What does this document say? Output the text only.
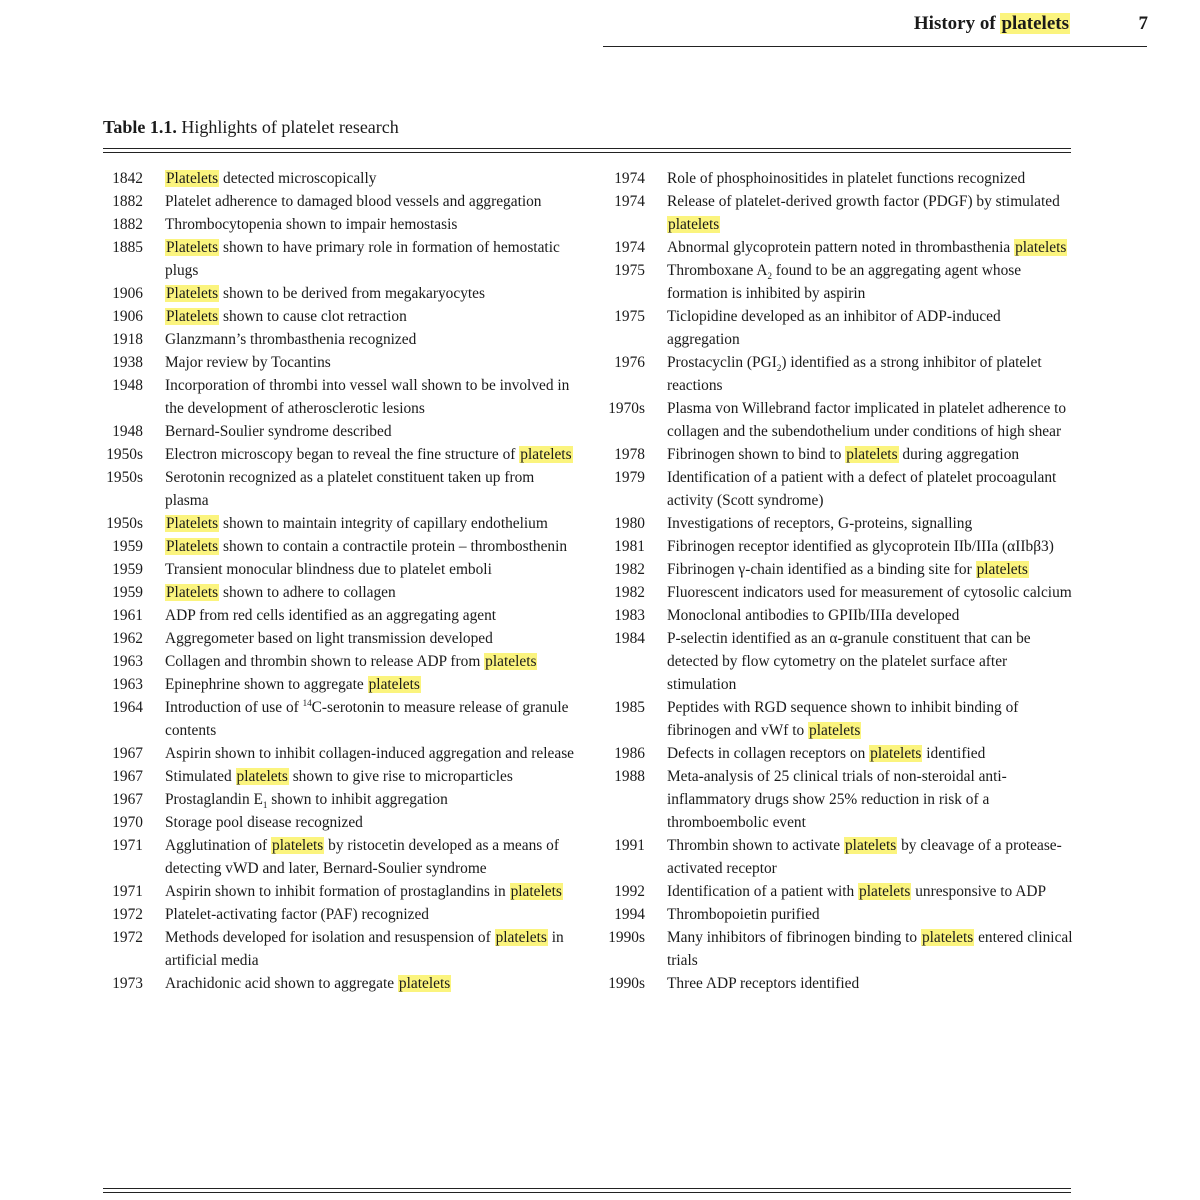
History of platelets	7
Table 1.1. Highlights of platelet research
1842 Platelets detected microscopically
1882 Platelet adherence to damaged blood vessels and aggregation
1882 Thrombocytopenia shown to impair hemostasis
1885 Platelets shown to have primary role in formation of hemostatic plugs
1906 Platelets shown to be derived from megakaryocytes
1906 Platelets shown to cause clot retraction
1918 Glanzmann’s thrombasthenia recognized
1938 Major review by Tocantins
1948 Incorporation of thrombi into vessel wall shown to be involved in the development of atherosclerotic lesions
1948 Bernard-Soulier syndrome described
1950s Electron microscopy began to reveal the fine structure of platelets
1950s Serotonin recognized as a platelet constituent taken up from plasma
1950s Platelets shown to maintain integrity of capillary endothelium
1959 Platelets shown to contain a contractile protein – thrombosthenin
1959 Transient monocular blindness due to platelet emboli
1959 Platelets shown to adhere to collagen
1961 ADP from red cells identified as an aggregating agent
1962 Aggregometer based on light transmission developed
1963 Collagen and thrombin shown to release ADP from platelets
1963 Epinephrine shown to aggregate platelets
1964 Introduction of use of $^{14}$C-serotonin to measure release of granule contents
1967 Aspirin shown to inhibit collagen-induced aggregation and release
1967 Stimulated platelets shown to give rise to microparticles
1967 Prostaglandin $E_1$ shown to inhibit aggregation
1970 Storage pool disease recognized
1971 Agglutination of platelets by ristocetin developed as a means of detecting vWD and later, Bernard-Soulier syndrome
1971 Aspirin shown to inhibit formation of prostaglandins in platelets
1972 Platelet-activating factor (PAF) recognized
1972 Methods developed for isolation and resuspension of platelets in artificial media
1973 Arachidonic acid shown to aggregate platelets
1974 Role of phosphoinositides in platelet functions recognized
1974 Release of platelet-derived growth factor (PDGF) by stimulated platelets
1974 Abnormal glycoprotein pattern noted in thrombasthenia platelets
1975 Thromboxane $A_2$ found to be an aggregating agent whose formation is inhibited by aspirin
1975 Ticlopidine developed as an inhibitor of ADP-induced aggregation
1976 Prostacyclin $(PGI_2)$ identified as a strong inhibitor of platelet reactions
1970s Plasma von Willebrand factor implicated in platelet adherence to collagen and the subendothelium under conditions of high shear
1978 Fibrinogen shown to bind to platelets during aggregation
1979 Identification of a patient with a defect of platelet procoagulant activity (Scott syndrome)
1980 Investigations of receptors, G-proteins, signalling
1981 Fibrinogen receptor identified as glycoprotein IIb/IIIa (αIIbβ3)
1982 Fibrinogen γ-chain identified as a binding site for platelets
1982 Fluorescent indicators used for measurement of cytosolic calcium
1983 Monoclonal antibodies to GPIIb/IIIa developed
1984 P-selectin identified as an α-granule constituent that can be detected by flow cytometry on the platelet surface after stimulation
1985 Peptides with RGD sequence shown to inhibit binding of fibrinogen and vWf to platelets
1986 Defects in collagen receptors on platelets identified
1988 Meta-analysis of 25 clinical trials of non-steroidal anti-inflammatory drugs show 25% reduction in risk of a thromboembolic event
1991 Thrombin shown to activate platelets by cleavage of a protease-activated receptor
1992 Identification of a patient with platelets unresponsive to ADP
1994 Thrombopoietin purified
1990s Many inhibitors of fibrinogen binding to platelets entered clinical trials
1990s Three ADP receptors identified
